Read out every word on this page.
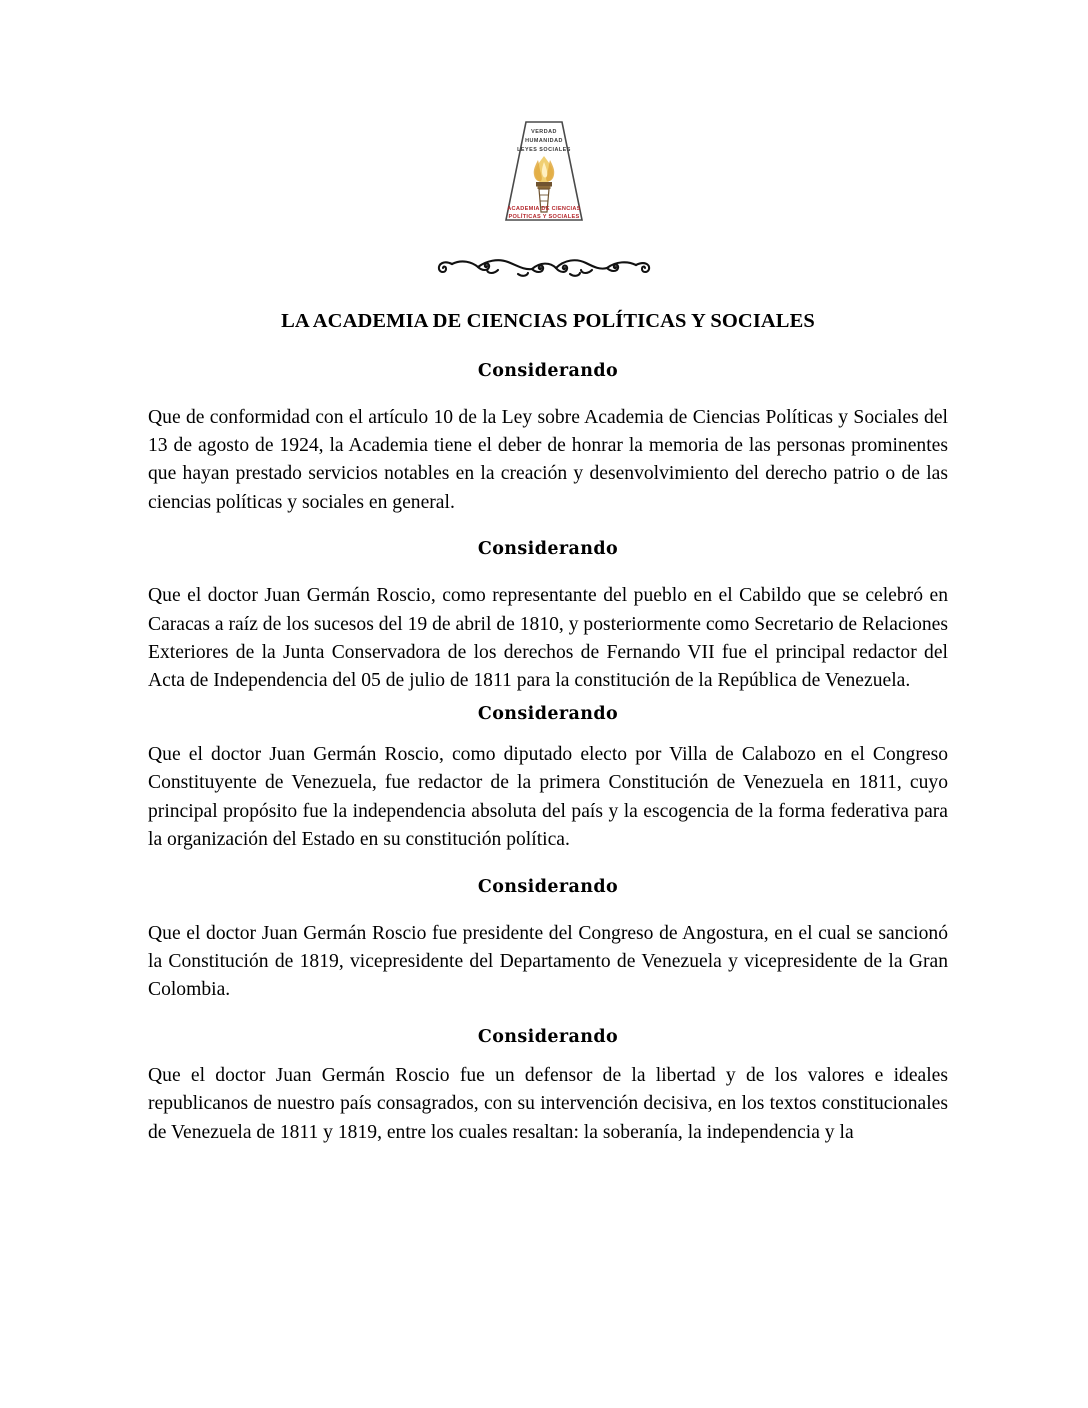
VERDAD
HUMANIDAD
LEYES SOCIALES
ACADEMIA DE CIENCIAS
POLÍTICAS Y SOCIALES
LA ACADEMIA DE CIENCIAS POLÍTICAS Y SOCIALES
Considerando

Que de conformidad con el artículo 10 de la Ley sobre Academia de Ciencias Políticas y Sociales del 13 de agosto de 1924, la Academia tiene el deber de honrar la memoria de las personas prominentes que hayan prestado servicios notables en la creación y desenvolvimiento del derecho patrio o de las ciencias políticas y sociales en general.

Considerando

Que el doctor Juan Germán Roscio, como representante del pueblo en el Cabildo que se celebró en Caracas a raíz de los sucesos del 19 de abril de 1810, y posteriormente como Secretario de Relaciones Exteriores de la Junta Conservadora de los derechos de Fernando VII fue el principal redactor del Acta de Independencia del 05 de julio de 1811 para la constitución de la República de Venezuela.

Considerando

Que el doctor Juan Germán Roscio, como diputado electo por Villa de Calabozo en el Congreso Constituyente de Venezuela, fue redactor de la primera Constitución de Venezuela en 1811, cuyo principal propósito fue la independencia absoluta del país y la escogencia de la forma federativa para la organización del Estado en su constitución política.

Considerando

Que el doctor Juan Germán Roscio fue presidente del Congreso de Angostura, en el cual se sancionó la Constitución de 1819, vicepresidente del Departamento de Venezuela y vicepresidente de la Gran Colombia.

Considerando

Que el doctor Juan Germán Roscio fue un defensor de la libertad y de los valores e ideales republicanos de nuestro país consagrados, con su intervención decisiva, en los textos constitucionales de Venezuela de 1811 y 1819, entre los cuales resaltan: la soberanía, la independencia y la
